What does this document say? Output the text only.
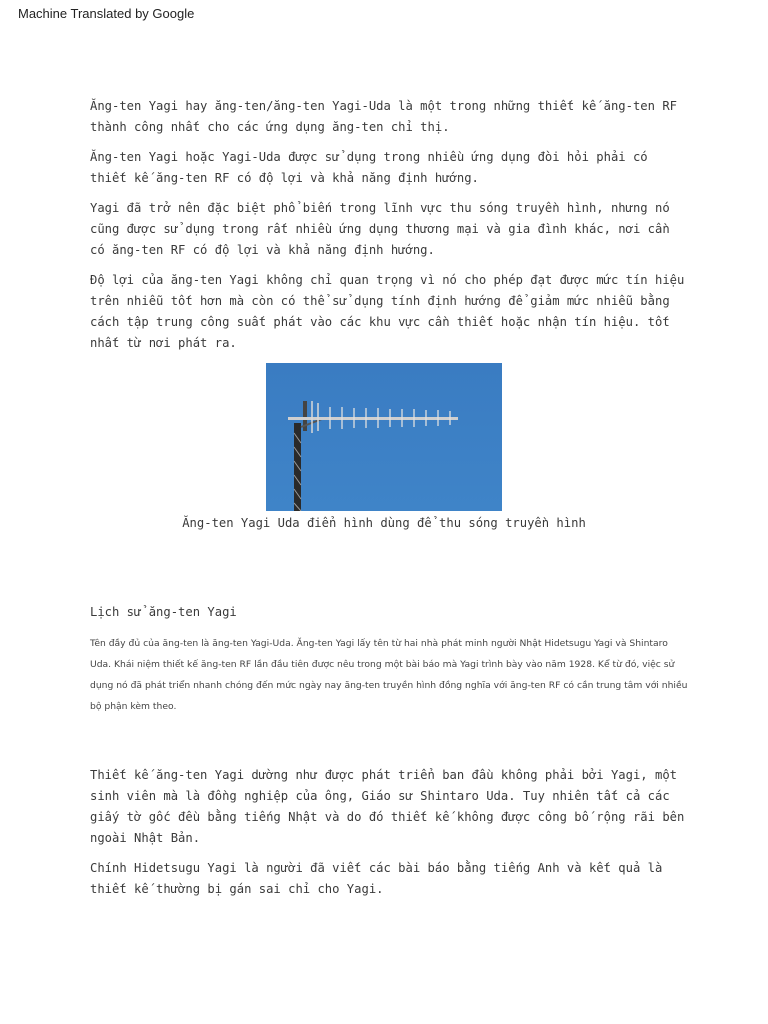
Machine Translated by Google

Ăng-ten Yagi hay ăng-ten/ăng-ten Yagi-Uda là một trong những thiết kế ăng-ten RF thành công nhất cho các ứng dụng ăng-ten chỉ thị.

Ăng-ten Yagi hoặc Yagi-Uda được sử dụng trong nhiều ứng dụng đòi hỏi phải có thiết kế ăng-ten RF có độ lợi và khả năng định hướng.

Yagi đã trở nên đặc biệt phổ biến trong lĩnh vực thu sóng truyền hình, nhưng nó cũng được sử dụng trong rất nhiều ứng dụng thương mại và gia đình khác, nơi cần có ăng-ten RF có độ lợi và khả năng định hướng.

Độ lợi của ăng-ten Yagi không chỉ quan trọng vì nó cho phép đạt được mức tín hiệu trên nhiễu tốt hơn mà còn có thể sử dụng tính định hướng để giảm mức nhiễu bằng cách tập trung công suất phát vào các khu vực cần thiết hoặc nhận tín hiệu. tốt nhất từ nơi phát ra.

Ăng-ten Yagi Uda điển hình dùng để thu sóng truyền hình
Lịch sử ăng-ten Yagi

Tên đầy đủ của ăng-ten là ăng-ten Yagi-Uda. Ăng-ten Yagi lấy tên từ hai nhà phát minh người Nhật Hidetsugu Yagi và Shintaro Uda. Khái niệm thiết kế ăng-ten RF lần đầu tiên được nêu trong một bài báo mà Yagi trình bày vào năm 1928. Kể từ đó, việc sử dụng nó đã phát triển nhanh chóng đến mức ngày nay ăng-ten truyền hình đồng nghĩa với ăng-ten RF có cần trung tâm với nhiều bộ phận kèm theo.

Thiết kế ăng-ten Yagi dường như được phát triển ban đầu không phải bởi Yagi, một sinh viên mà là đồng nghiệp của ông, Giáo sư Shintaro Uda. Tuy nhiên tất cả các giấy tờ gốc đều bằng tiếng Nhật và do đó thiết kế không được công bố rộng rãi bên ngoài Nhật Bản.

Chính Hidetsugu Yagi là người đã viết các bài báo bằng tiếng Anh và kết quả là thiết kế thường bị gán sai chỉ cho Yagi.
